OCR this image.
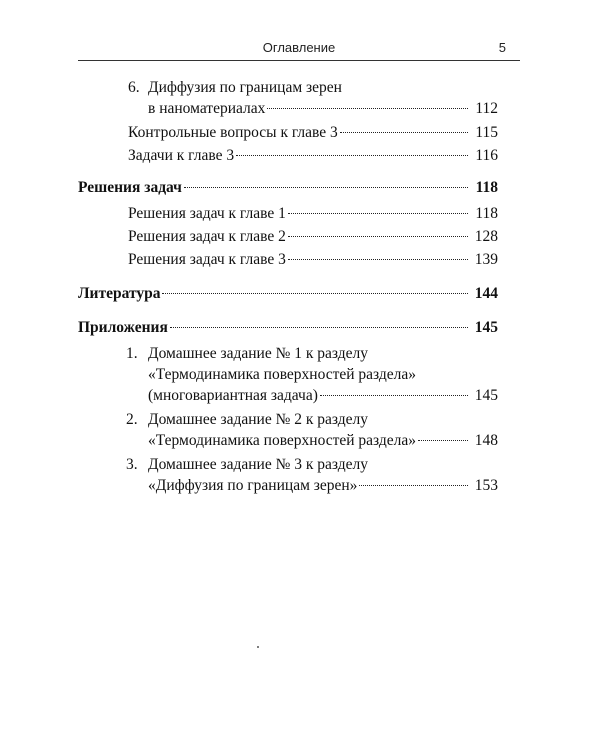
Оглавление	5
6. Диффузия по границам зерен
в наноматериалах	112
Контрольные вопросы к главе 3	115
Задачи к главе 3	116
Решения задач	118
Решения задач к главе 1	118
Решения задач к главе 2	128
Решения задач к главе 3	139
Литература	144
Приложения	145
1. Домашнее задание № 1 к разделу
«Термодинамика поверхностей раздела»
(многовариантная задача)	145
2. Домашнее задание № 2 к разделу
«Термодинамика поверхностей раздела»	148
3. Домашнее задание № 3 к разделу
«Диффузия по границам зерен»	153
